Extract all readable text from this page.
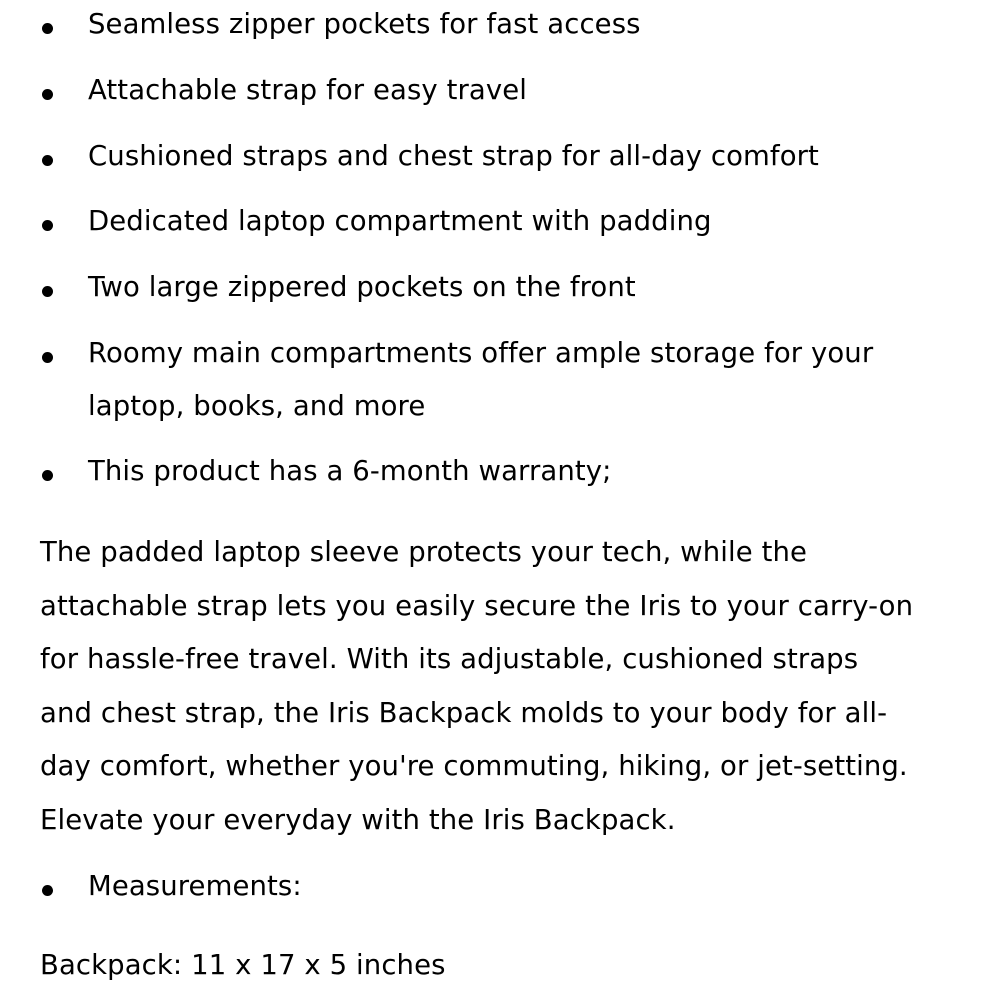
Seamless zipper pockets for fast access
Attachable strap for easy travel
Cushioned straps and chest strap for all-day comfort
Dedicated laptop compartment with padding
Two large zippered pockets on the front
Roomy main compartments offer ample storage for your
laptop, books, and more
This product has a 6-month warranty;
The padded laptop sleeve protects your tech, while the
attachable strap lets you easily secure the Iris to your carry-on
for hassle-free travel. With its adjustable, cushioned straps
and chest strap, the Iris Backpack molds to your body for all-
day comfort, whether you're commuting, hiking, or jet-setting.
Elevate your everyday with the Iris Backpack.
Measurements:
Backpack: 11 x 17 x 5 inches
